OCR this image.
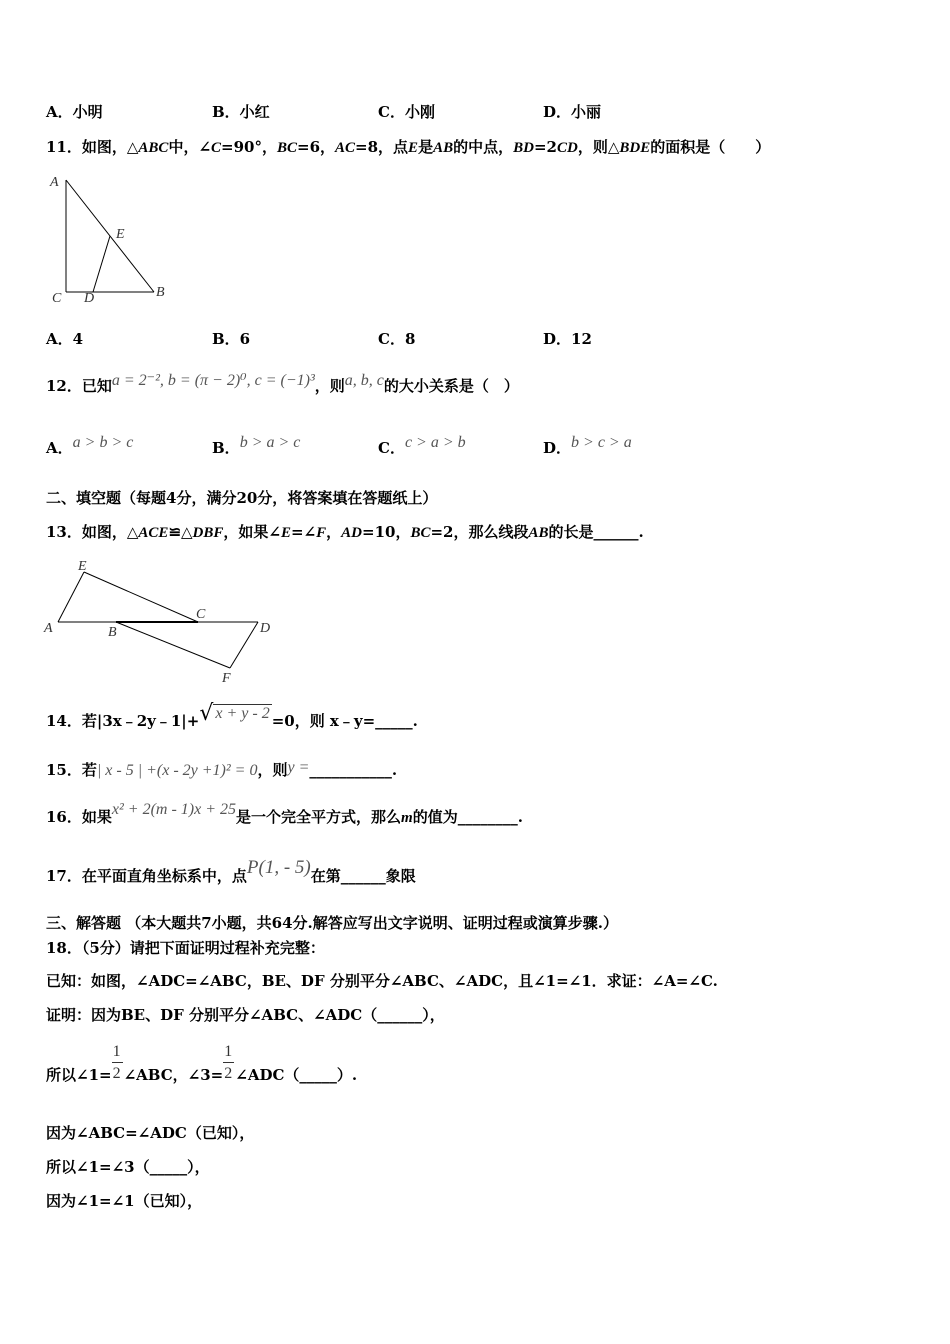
A．小明	B．小红	C．小刚	D．小丽
11．如图，△ABC中，∠C=90°，BC=6，AC=8，点E是AB的中点，BD=2CD，则△BDE的面积是（　　）
A
E
C D	B
A．4	B．6	C．8	D．12
12．已知a = 2⁻², b = (π − 2)⁰, c = (−1)³，则a, b, c的大小关系是（　）
A．a > b > c	B．b > a > c	C．c > a > b	D．b > c > a
二、填空题（每题4分，满分20分，将答案填在答题纸上）
13．如图，△ACE≌△DBF，如果∠E=∠F，AD=10，BC=2，那么线段AB的长是______.
E
C
A	B	D
F
14．若|3x﹣2y﹣1|+√ x + y - 2 =0，则 x﹣y=_____.
15．若| x - 5 | +(x - 2y +1)² = 0，则y =___________.
16．如果x² + 2(m - 1)x + 25是一个完全平方式，那么m的值为________.
17．在平面直角坐标系中，点P(1, - 5)在第______象限
三、解答题 （本大题共7小题，共64分.解答应写出文字说明、证明过程或演算步骤.）
18．（5分）请把下面证明过程补充完整：
已知：如图，∠ADC=∠ABC，BE、DF 分别平分∠ABC、∠ADC，且∠1=∠1．求证：∠A=∠C.
证明：因为BE、DF 分别平分∠ABC、∠ADC（______），
所以∠1= $\frac{1}{2}$ ∠ABC，∠3= $\frac{1}{2}$ ∠ADC（_____）.
因为∠ABC=∠ADC（已知），
所以∠1=∠3（_____），
因为∠1=∠1（已知），
